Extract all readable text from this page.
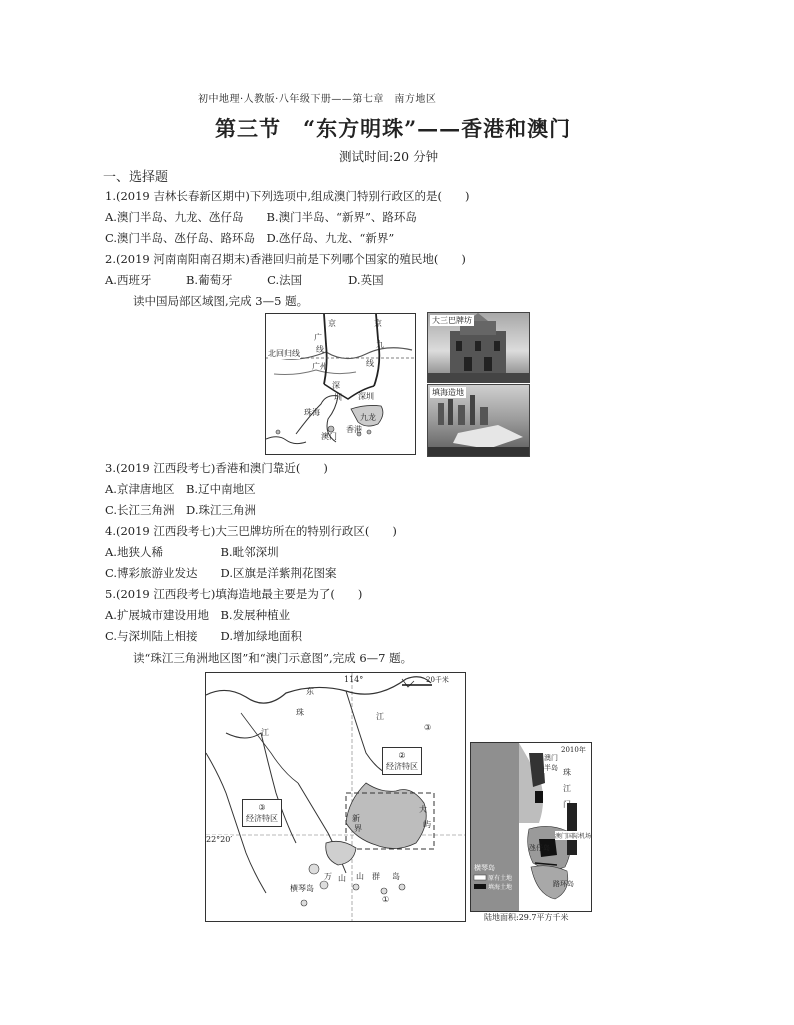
初中地理·人教版·八年级下册——第七章　南方地区
第三节　“东方明珠”——香港和澳门
测试时间:20 分钟
一、选择题
1.(2019 吉林长春新区期中)下列选项中,组成澳门特别行政区的是(　　)
A.澳门半岛、九龙、氹仔岛　　B.澳门半岛、“新界”、路环岛
C.澳门半岛、氹仔岛、路环岛　D.氹仔岛、九龙、“新界”
2.(2019 河南南阳南召期末)香港回归前是下列哪个国家的殖民地(　　)
A.西班牙　　　B.葡萄牙　　　C.法国　　　　D.英国
读中国局部区域图,完成 3—5 题。
京	京
广
线
广州	线
九
北回归线
深
圳 深圳
珠海
九龙
澳门
香港
大三巴牌坊
填海造地
3.(2019 江西段考七)香港和澳门靠近(　　)
A.京津唐地区　B.辽中南地区
C.长江三角洲　D.珠江三角洲
4.(2019 江西段考七)大三巴牌坊所在的特别行政区(　　)
A.地狭人稀　　　　　B.毗邻深圳
C.博彩旅游业发达　　D.区旗是洋紫荆花图案
5.(2019 江西段考七)填海造地最主要是为了(　　)
A.扩展城市建设用地　B.发展种植业
C.与深圳陆上相接　　D.增加绿地面积
读“珠江三角洲地区图”和“澳门示意图”,完成 6—7 题。
114°
22°20′
20千米
东
珠
江
江
新
界
大
屿
山
万	山 群 岛
横琴岛
③
经济特区
②
经济特区
①
③
2010年
澳门
半岛 珠
江
门
氹仔岛
澳门国际机场
路环岛
横琴岛
原有土地
填海土地
陆地面积:29.7平方千米
